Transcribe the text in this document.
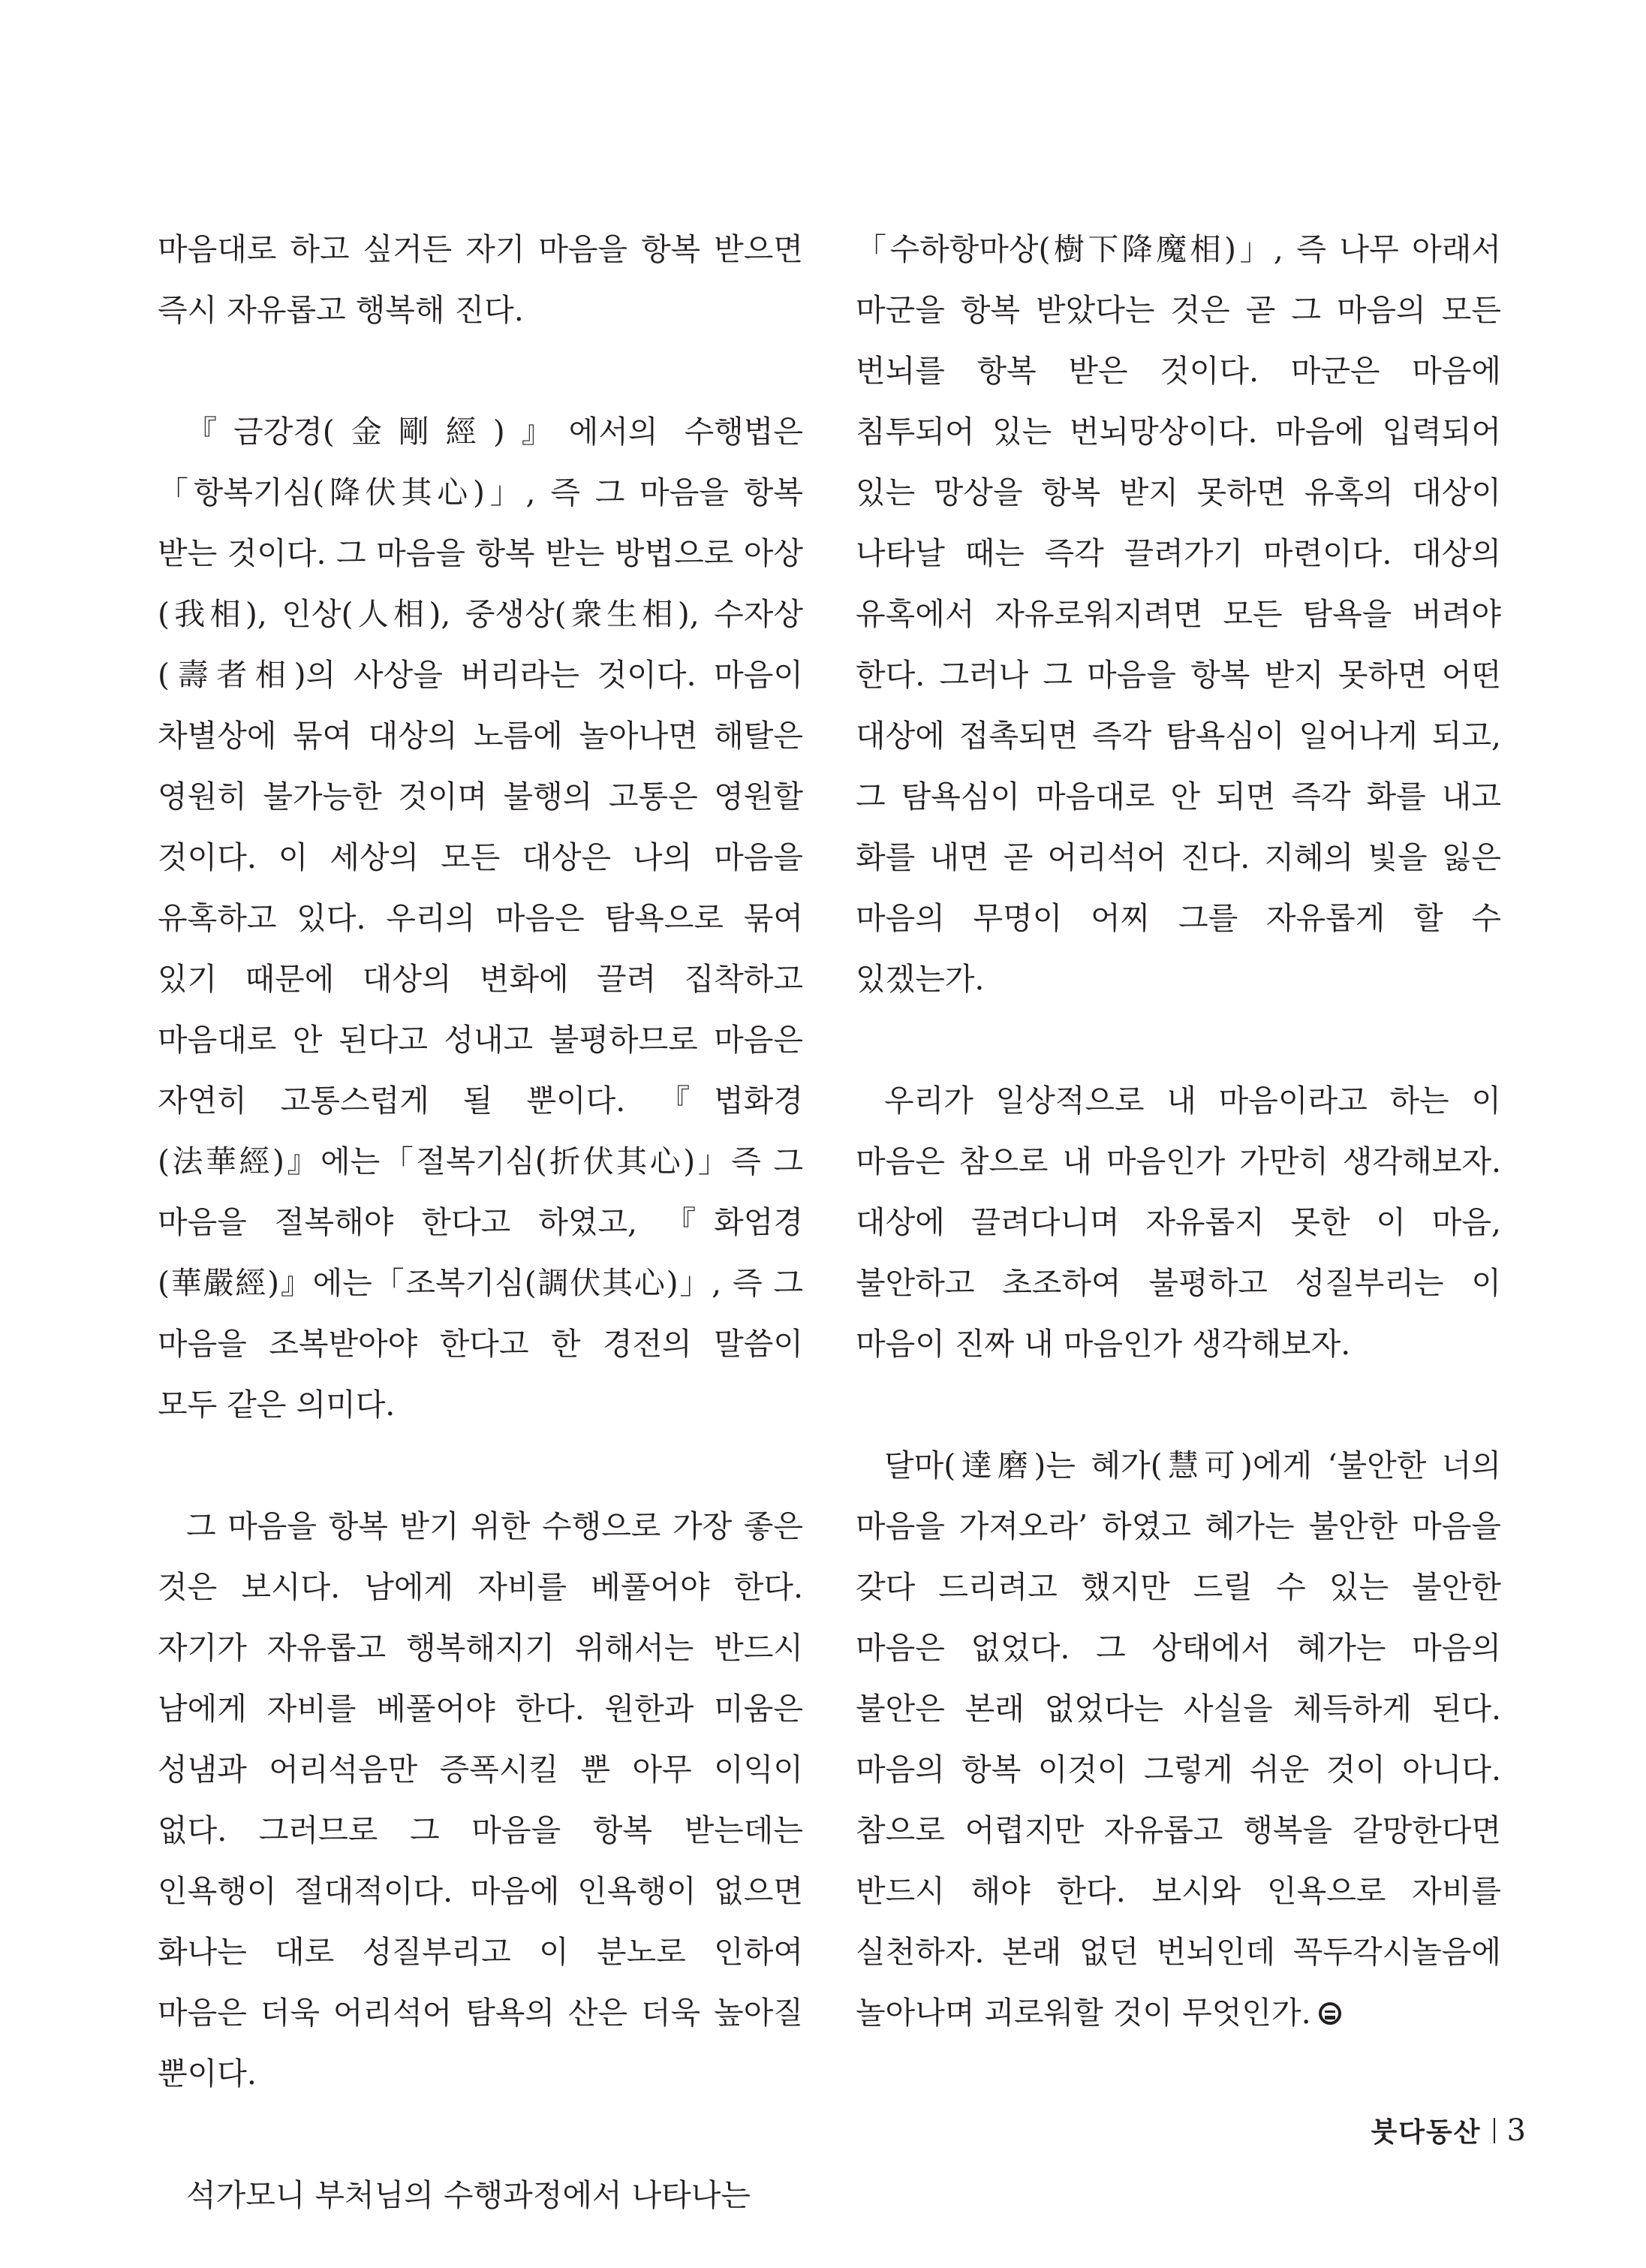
마음대로 하고 싶거든 자기 마음을 항복 받으면 즉시 자유롭고 행복해 진다.

『금강경(金剛經)』에서의 수행법은「항복기심(降伏其心)」, 즉 그 마음을 항복 받는 것이다. 그 마음을 항복 받는 방법으로 아상(我相), 인상(人相), 중생상(衆生相), 수자상(壽者相)의 사상을 버리라는 것이다. 마음이 차별상에 묶여 대상의 노름에 놀아나면 해탈은 영원히 불가능한 것이며 불행의 고통은 영원할 것이다. 이 세상의 모든 대상은 나의 마음을 유혹하고 있다. 우리의 마음은 탐욕으로 묶여 있기 때문에 대상의 변화에 끌려 집착하고 마음대로 안 된다고 성내고 불평하므로 마음은 자연히 고통스럽게 될 뿐이다. 『법화경(法華經)』에는「절복기심(折伏其心)」즉 그 마음을 절복해야 한다고 하였고, 『화엄경(華嚴經)』에는「조복기심(調伏其心)」, 즉 그 마음을 조복받아야 한다고 한 경전의 말씀이 모두 같은 의미다.

그 마음을 항복 받기 위한 수행으로 가장 좋은 것은 보시다. 남에게 자비를 베풀어야 한다. 자기가 자유롭고 행복해지기 위해서는 반드시 남에게 자비를 베풀어야 한다. 원한과 미움은 성냄과 어리석음만 증폭시킬 뿐 아무 이익이 없다. 그러므로 그 마음을 항복 받는데는 인욕행이 절대적이다. 마음에 인욕행이 없으면 화나는 대로 성질부리고 이 분노로 인하여 마음은 더욱 어리석어 탐욕의 산은 더욱 높아질 뿐이다.

석가모니 부처님의 수행과정에서 나타나는

「수하항마상(樹下降魔相)」, 즉 나무 아래서 마군을 항복 받았다는 것은 곧 그 마음의 모든 번뇌를 항복 받은 것이다. 마군은 마음에 침투되어 있는 번뇌망상이다. 마음에 입력되어 있는 망상을 항복 받지 못하면 유혹의 대상이 나타날 때는 즉각 끌려가기 마련이다. 대상의 유혹에서 자유로워지려면 모든 탐욕을 버려야 한다. 그러나 그 마음을 항복 받지 못하면 어떤 대상에 접촉되면 즉각 탐욕심이 일어나게 되고, 그 탐욕심이 마음대로 안 되면 즉각 화를 내고 화를 내면 곧 어리석어 진다. 지혜의 빛을 잃은 마음의 무명이 어찌 그를 자유롭게 할 수 있겠는가.

우리가 일상적으로 내 마음이라고 하는 이 마음은 참으로 내 마음인가 가만히 생각해보자. 대상에 끌려다니며 자유롭지 못한 이 마음, 불안하고 초조하여 불평하고 성질부리는 이 마음이 진짜 내 마음인가 생각해보자.

달마(達磨)는 혜가(慧可)에게 ‘불안한 너의 마음을 가져오라’ 하였고 혜가는 불안한 마음을 갖다 드리려고 했지만 드릴 수 있는 불안한 마음은 없었다. 그 상태에서 혜가는 마음의 불안은 본래 없었다는 사실을 체득하게 된다. 마음의 항복 이것이 그렇게 쉬운 것이 아니다. 참으로 어렵지만 자유롭고 행복을 갈망한다면 반드시 해야 한다. 보시와 인욕으로 자비를 실천하자. 본래 없던 번뇌인데 꼭두각시놀음에 놀아나며 괴로워할 것이 무엇인가.

붓다동산 3
